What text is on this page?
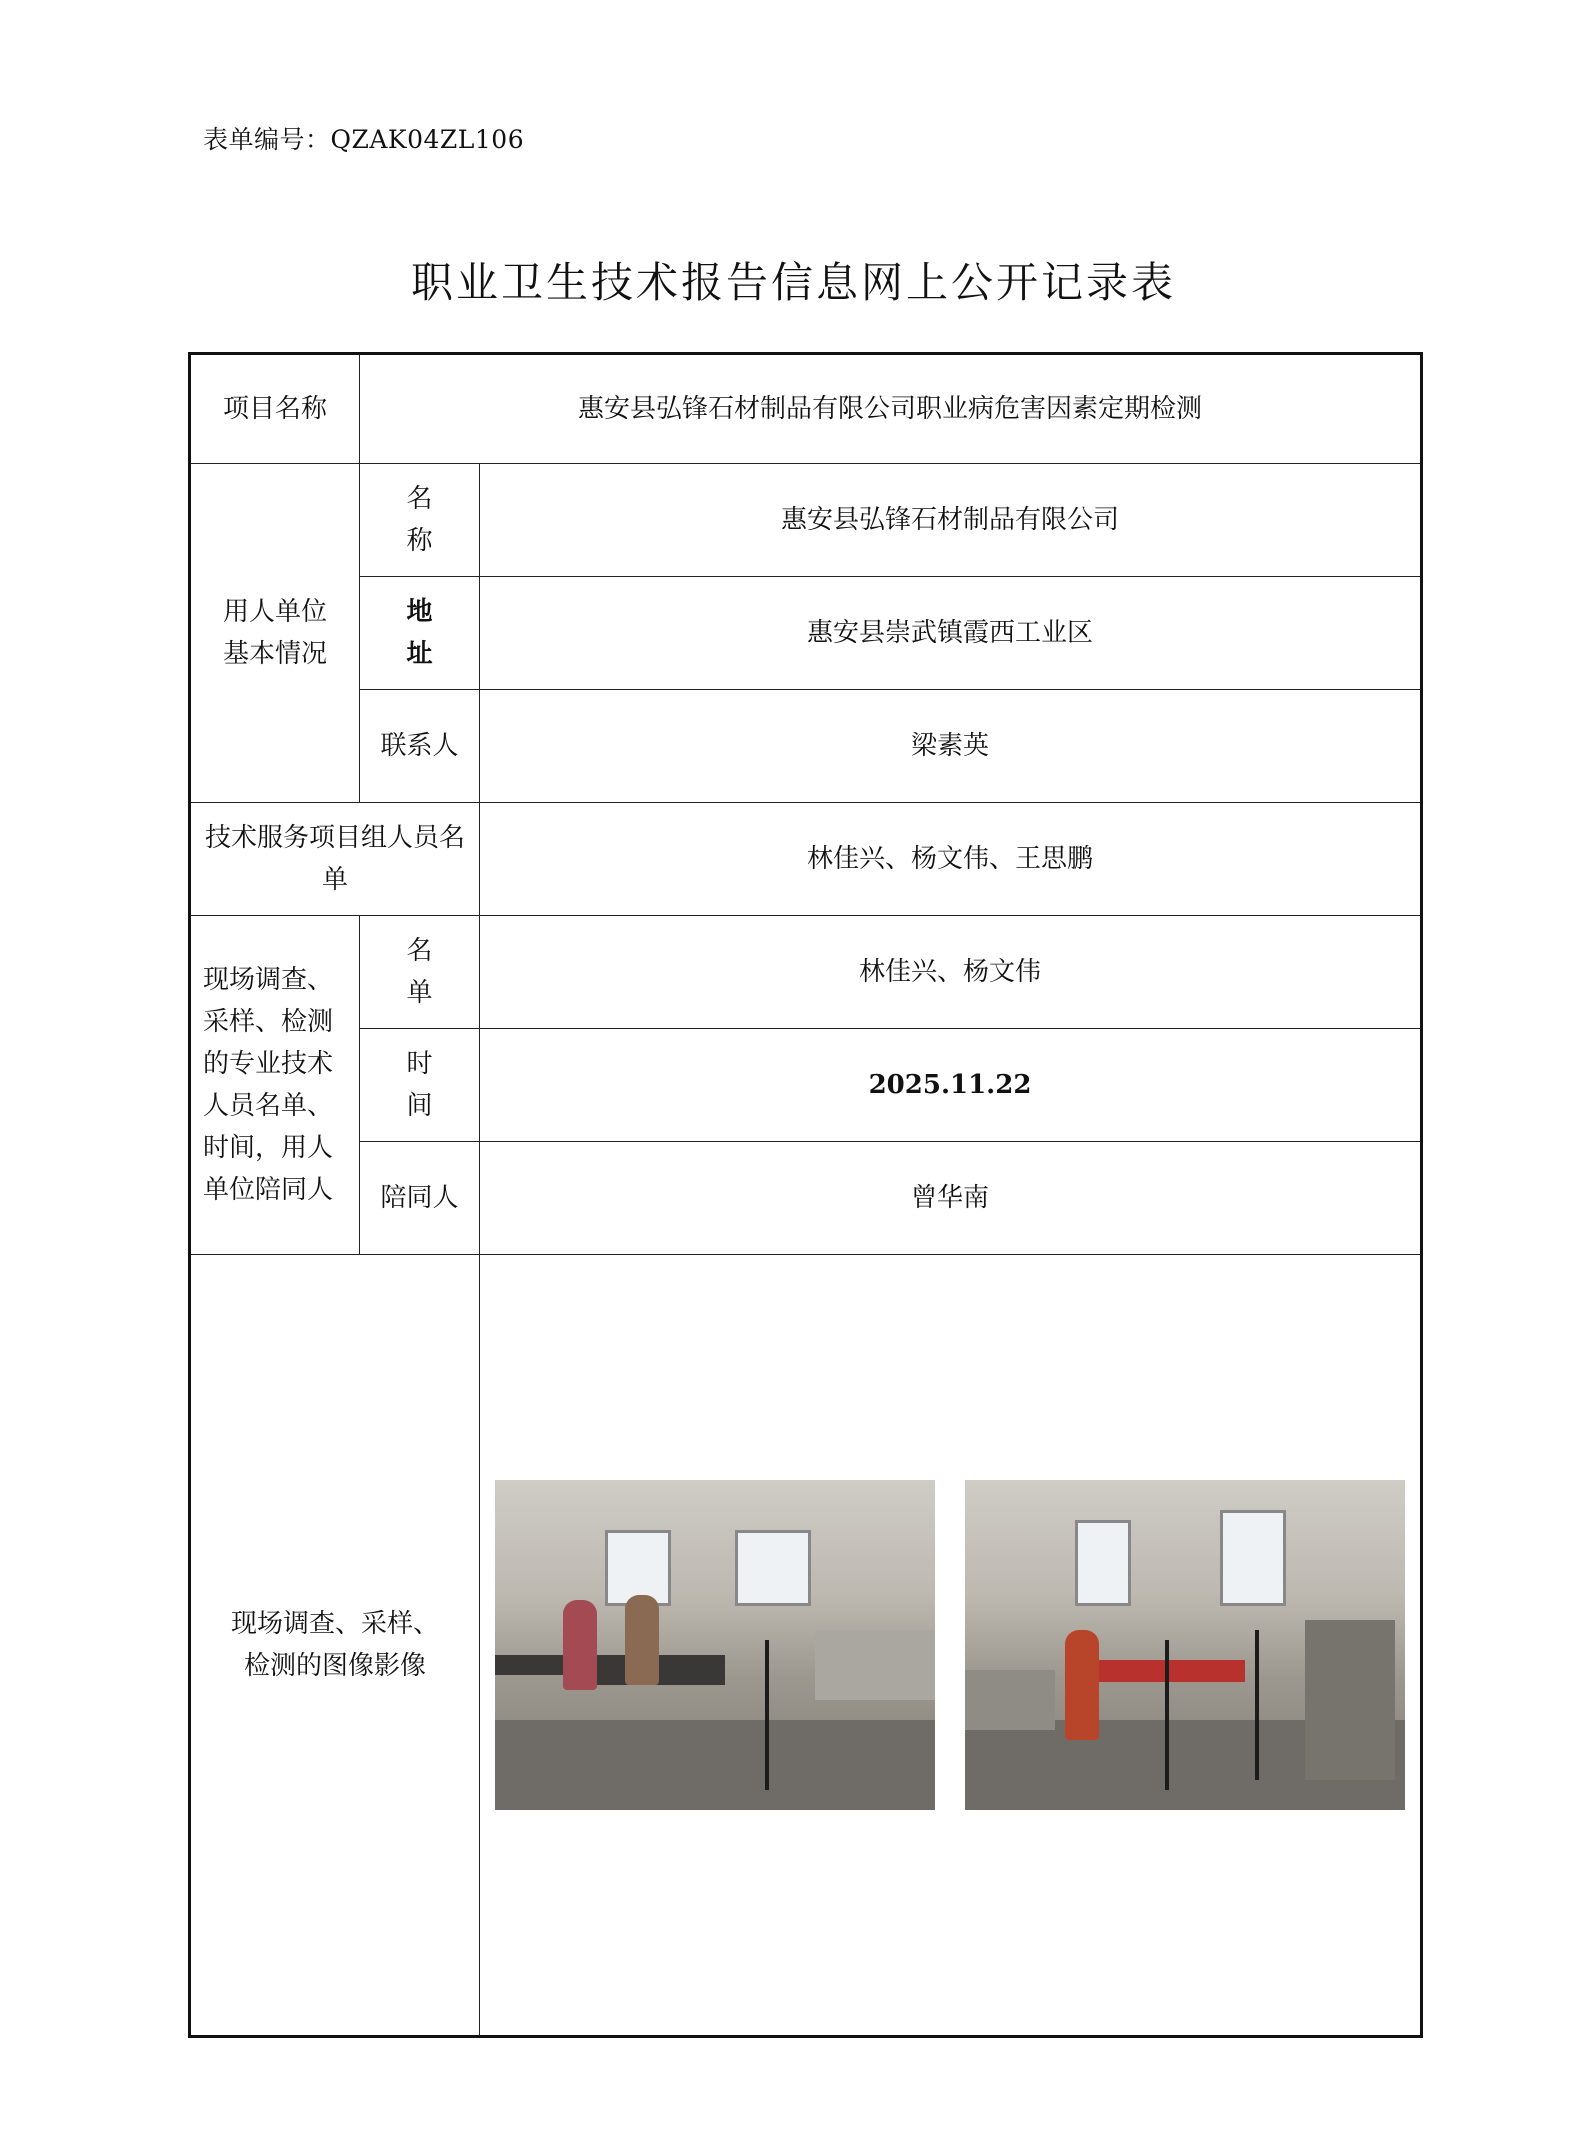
表单编号：QZAK04ZL106
职业卫生技术报告信息网上公开记录表
项目名称	惠安县弘锋石材制品有限公司职业病危害因素定期检测	
用人单位基本情况	名称	惠安县弘锋石材制品有限公司
	地址	惠安县崇武镇霞西工业区
	联系人	梁素英
技术服务项目组人员名单		林佳兴、杨文伟、王思鹏
现场调查、采样、检测的专业技术人员名单、时间，用人单位陪同人	名单	林佳兴、杨文伟
	时间	2025.11.22
	陪同人	曾华南
现场调查、采样、检测的图像影像		
